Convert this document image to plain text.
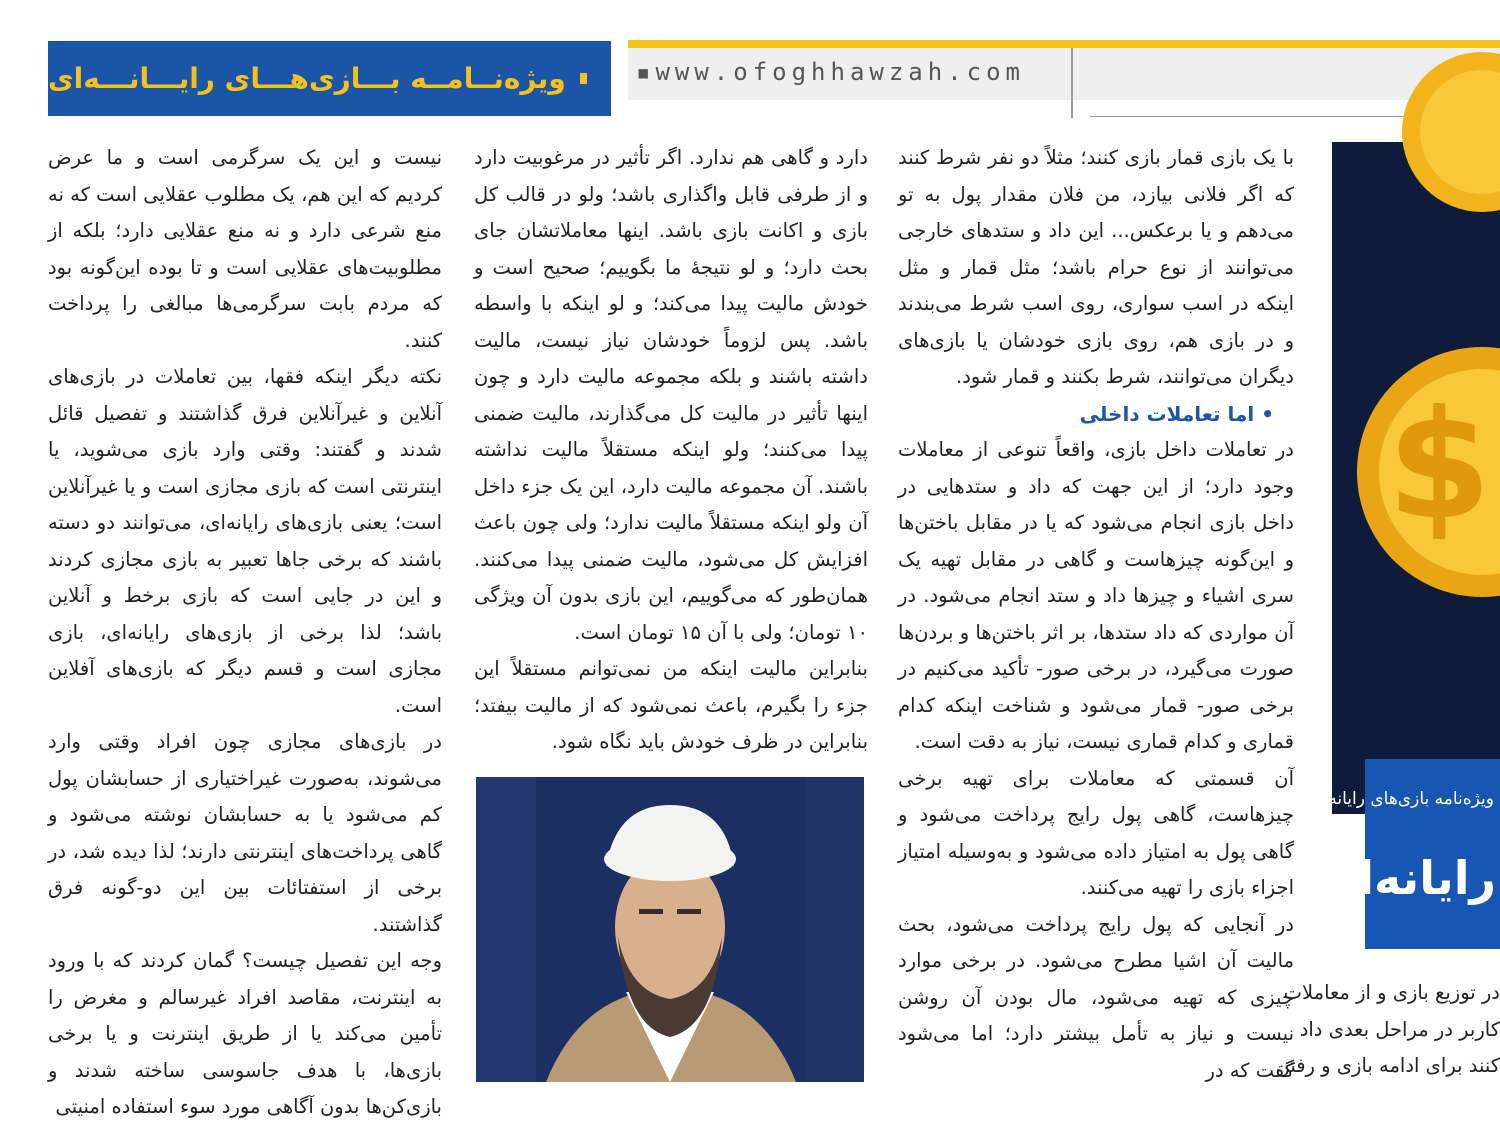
ویژه‌نــامــه بـــازی‌هـــای رایـــانـــه‌ای	▪www.ofoghhawzah.com

با یک بازی قمار بازی کنند؛ مثلاً دو نفر شرط کنند که اگر فلانی بیازد، من فلان مقدار پول به تو می‌دهم و یا برعکس... این داد و ستدهای خارجی می‌توانند از نوع حرام باشد؛ مثل قمار و مثل اینکه در اسب سواری، روی اسب شرط می‌بندند و در بازی هم، روی بازی خودشان یا بازی‌های دیگران می‌توانند، شرط بکنند و قمار شود.

• اما تعاملات داخلی

در تعاملات داخل بازی، واقعاً تنوعی از معاملات وجود دارد؛ از این جهت که داد و ستدهایی در داخل بازی انجام می‌شود که یا در مقابل باختن‌ها و این‌گونه چیزهاست و گاهی در مقابل تهیه یک سری اشیاء و چیزها داد و ستد انجام می‌شود. در آن مواردی که داد ستدها، بر اثر باختن‌ها و بردن‌ها صورت می‌گیرد، در برخی صور- تأکید می‌کنیم در برخی صور- قمار می‌شود و شناخت اینکه کدام قماری و کدام قماری نیست، نیاز به دقت است.

آن قسمتی که معاملات برای تهیه برخی چیزهاست، گاهی پول رایج پرداخت می‌شود و گاهی پول به امتیاز داده می‌شود و به‌وسیله امتیاز اجزاء بازی را تهیه می‌کنند.

در آنجایی که پول رایج پرداخت می‌شود، بحث مالیت آن اشیا مطرح می‌شود. در برخی موارد چیزی که تهیه می‌شود، مال بودن آن روشن نیست و نیاز به تأمل بیشتر دارد؛ اما می‌شود گفت که در

دارد و گاهی هم ندارد. اگر تأثیر در مرغوبیت دارد و از طرفی قابل واگذاری باشد؛ ولو در قالب کل بازی و اکانت بازی باشد. اینها معاملاتشان جای بحث دارد؛ و لو نتیجهٔ ما بگوییم؛ صحیح است و خودش مالیت پیدا می‌کند؛ و لو اینکه با واسطه باشد. پس لزوماً خودشان نیاز نیست، مالیت داشته باشند و بلکه مجموعه مالیت دارد و چون اینها تأثیر در مالیت کل می‌گذارند، مالیت ضمنی پیدا می‌کنند؛ ولو اینکه مستقلاً مالیت نداشته باشند. آن مجموعه مالیت دارد، این یک جزء داخل آن ولو اینکه مستقلاً مالیت ندارد؛ ولی چون باعث افزایش کل می‌شود، مالیت ضمنی پیدا می‌کنند. همان‌طور که می‌گوییم، این بازی بدون آن ویژگی ۱۰ تومان؛ ولی با آن ۱۵ تومان است.

بنابراین مالیت اینکه من نمی‌توانم مستقلاً این جزء را بگیرم، باعث نمی‌شود که از مالیت بیفتد؛ بنابراین در ظرف خودش باید نگاه شود.

نیست و این یک سرگرمی است و ما عرض کردیم که این هم، یک مطلوب عقلایی است که نه منع شرعی دارد و نه منع عقلایی دارد؛ بلکه از مطلوبیت‌های عقلایی است و تا بوده این‌گونه بود که مردم بابت سرگرمی‌ها مبالغی را پرداخت کنند.

نکته دیگر اینکه فقها، بین تعاملات در بازی‌های آنلاین و غیرآنلاین فرق گذاشتند و تفصیل قائل شدند و گفتند: وقتی وارد بازی می‌شوید، یا اینترنتی است که بازی مجازی است و یا غیرآنلاین است؛ یعنی بازی‌های رایانه‌ای، می‌توانند دو دسته باشند که برخی جاها تعبیر به بازی مجازی کردند و این در جایی است که بازی برخط و آنلاین باشد؛ لذا برخی از بازی‌های رایانه‌ای، بازی مجازی است و قسم دیگر که بازی‌های آفلاین است.

در بازی‌های مجازی چون افراد وقتی وارد می‌شوند، به‌صورت غیراختیاری از حسابشان پول کم می‌شود یا به حسابشان نوشته می‌شود و گاهی پرداخت‌های اینترنتی دارند؛ لذا دیده شد، در برخی از استفتائات بین این دو-گونه فرق گذاشتند.

وجه این تفصیل چیست؟ گمان کردند که با ورود به اینترنت، مقاصد افراد غیرسالم و مغرض را تأمین می‌کند یا از طریق اینترنت و یا برخی بازی‌ها، با هدف جاسوسی ساخته شدند و بازی‌کن‌ها بدون آگاهی مورد سوء استفاده امنیتی

$
ویژه‌نامه بازی‌های رایانه ای
رایانه‌ای

در توزیع بازی و از معاملات

کاربر در مراحل بعدی داد

کنند برای ادامه بازی و رفتن
